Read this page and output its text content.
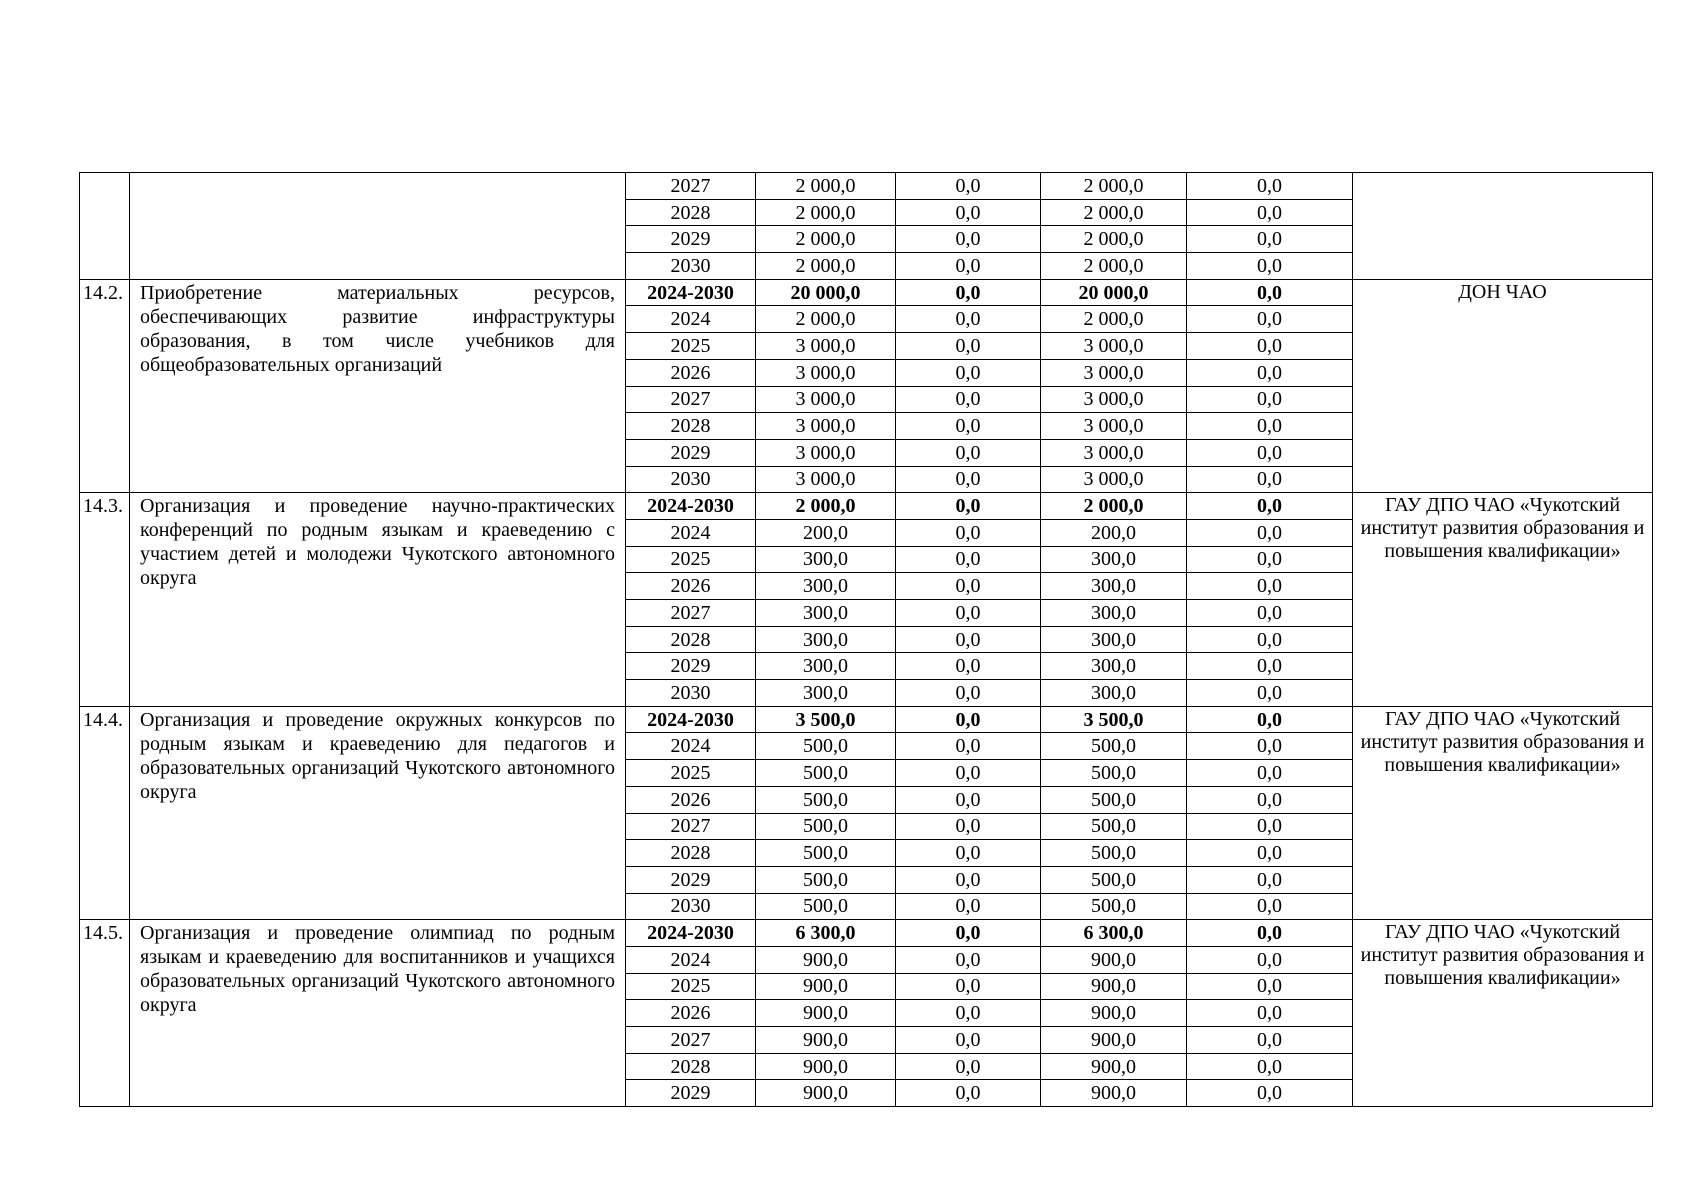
		2027	2 000,0	0,0	2 000,0	0,0	
		2028	2 000,0	0,0	2 000,0	0,0	
		2029	2 000,0	0,0	2 000,0	0,0	
		2030	2 000,0	0,0	2 000,0	0,0	
14.2.	Приобретение материальных ресурсов, обеспечивающих развитие инфраструктуры образования, в том числе учебников для общеобразовательных организаций	2024-2030	20 000,0	0,0	20 000,0	0,0	ДОН ЧАО
		2024	2 000,0	0,0	2 000,0	0,0	
		2025	3 000,0	0,0	3 000,0	0,0	
		2026	3 000,0	0,0	3 000,0	0,0	
		2027	3 000,0	0,0	3 000,0	0,0	
		2028	3 000,0	0,0	3 000,0	0,0	
		2029	3 000,0	0,0	3 000,0	0,0	
		2030	3 000,0	0,0	3 000,0	0,0	
14.3.	Организация и проведение научно-практических конференций по родным языкам и краеведению с участием детей и молодежи Чукотского автономного округа	2024-2030	2 000,0	0,0	2 000,0	0,0	ГАУ ДПО ЧАО «Чукотский институт развития образования и повышения квалификации»
		2024	200,0	0,0	200,0	0,0	
		2025	300,0	0,0	300,0	0,0	
		2026	300,0	0,0	300,0	0,0	
		2027	300,0	0,0	300,0	0,0	
		2028	300,0	0,0	300,0	0,0	
		2029	300,0	0,0	300,0	0,0	
		2030	300,0	0,0	300,0	0,0	
14.4.	Организация и проведение окружных конкурсов по родным языкам и краеведению для педагогов и образовательных организаций Чукотского автономного округа	2024-2030	3 500,0	0,0	3 500,0	0,0	ГАУ ДПО ЧАО «Чукотский институт развития образования и повышения квалификации»
		2024	500,0	0,0	500,0	0,0	
		2025	500,0	0,0	500,0	0,0	
		2026	500,0	0,0	500,0	0,0	
		2027	500,0	0,0	500,0	0,0	
		2028	500,0	0,0	500,0	0,0	
		2029	500,0	0,0	500,0	0,0	
		2030	500,0	0,0	500,0	0,0	
14.5.	Организация и проведение олимпиад по родным языкам и краеведению для воспитанников и учащихся образовательных организаций Чукотского автономного округа	2024-2030	6 300,0	0,0	6 300,0	0,0	ГАУ ДПО ЧАО «Чукотский институт развития образования и повышения квалификации»
		2024	900,0	0,0	900,0	0,0	
		2025	900,0	0,0	900,0	0,0	
		2026	900,0	0,0	900,0	0,0	
		2027	900,0	0,0	900,0	0,0	
		2028	900,0	0,0	900,0	0,0	
		2029	900,0	0,0	900,0	0,0	
